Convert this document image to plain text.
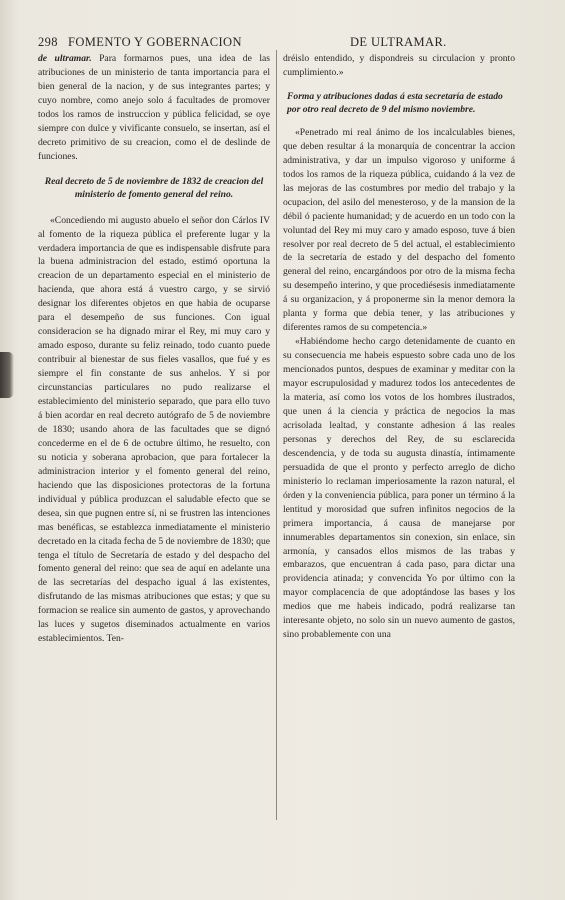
298 FOMENTO Y GOBERNACION	DE ULTRAMAR.

de ultramar. Para formarnos pues, una idea de las atribuciones de un ministerio de tanta importancia para el bien general de la nacion, y de sus integrantes partes; y cuyo nombre, como anejo solo á facultades de promover todos los ramos de instruccion y pública felicidad, se oye siempre con dulce y vivificante consuelo, se insertan, así el decreto primitivo de su creacion, como el de deslinde de funciones.

Real decreto de 5 de noviembre de 1832 de creacion del ministerio de fomento general del reino.

«Concediendo mi augusto abuelo el señor don Cárlos IV al fomento de la riqueza pública el preferente lugar y la verdadera importancia de que es indispensable disfrute para la buena administracion del estado, estimó oportuna la creacion de un departamento especial en el ministerio de hacienda, que ahora está á vuestro cargo, y se sirvió designar los diferentes objetos en que habia de ocuparse para el desempeño de sus funciones. Con igual consideracion se ha dignado mirar el Rey, mi muy caro y amado esposo, durante su feliz reinado, todo cuanto puede contribuir al bienestar de sus fieles vasallos, que fué y es siempre el fin constante de sus anhelos. Y si por circunstancias particulares no pudo realizarse el establecimiento del ministerio separado, que para ello tuvo á bien acordar en real decreto autógrafo de 5 de noviembre de 1830; usando ahora de las facultades que se dignó concederme en el de 6 de octubre último, he resuelto, con su noticia y soberana aprobacion, que para fortalecer la administracion interior y el fomento general del reino, haciendo que las disposiciones protectoras de la fortuna individual y pública produzcan el saludable efecto que se desea, sin que pugnen entre sí, ni se frustren las intenciones mas benéficas, se establezca inmediatamente el ministerio decretado en la citada fecha de 5 de noviembre de 1830; que tenga el título de Secretaría de estado y del despacho del fomento general del reino: que sea de aquí en adelante una de las secretarías del despacho igual á las existentes, disfrutando de las mismas atribuciones que estas; y que su formacion se realice sin aumento de gastos, y aprovechando las luces y sugetos diseminados actualmente en varios establecimientos. Ten-

dréislo entendido, y dispondreis su circulacion y pronto cumplimiento.»

Forma y atribuciones dadas á esta secretaría de estado por otro real decreto de 9 del mismo noviembre.

«Penetrado mi real ánimo de los incalculables bienes, que deben resultar á la monarquía de concentrar la accion administrativa, y dar un impulso vigoroso y uniforme á todos los ramos de la riqueza pública, cuidando á la vez de las mejoras de las costumbres por medio del trabajo y la ocupacion, del asilo del menesteroso, y de la mansion de la débil ó paciente humanidad; y de acuerdo en un todo con la voluntad del Rey mi muy caro y amado esposo, tuve á bien resolver por real decreto de 5 del actual, el establecimiento de la secretaría de estado y del despacho del fomento general del reino, encargándoos por otro de la misma fecha su desempeño interino, y que procediésesis inmediatamente á su organizacion, y á proponerme sin la menor demora la planta y forma que debia tener, y las atribuciones y diferentes ramos de su competencia.»

«Habiéndome hecho cargo detenidamente de cuanto en su consecuencia me habeis espuesto sobre cada uno de los mencionados puntos, despues de examinar y meditar con la mayor escrupulosidad y madurez todos los antecedentes de la materia, así como los votos de los hombres ilustrados, que unen á la ciencia y práctica de negocios la mas acrisolada lealtad, y constante adhesion á las reales personas y derechos del Rey, de su esclarecida descendencia, y de toda su augusta dinastía, íntimamente persuadida de que el pronto y perfecto arreglo de dicho ministerio lo reclaman imperiosamente la razon natural, el órden y la conveniencia pública, para poner un término á la lentitud y morosidad que sufren infinitos negocios de la primera importancia, á causa de manejarse por innumerables departamentos sin conexion, sin enlace, sin armonía, y cansados ellos mismos de las trabas y embarazos, que encuentran á cada paso, para dictar una providencia atinada; y convencida Yo por último con la mayor complacencia de que adoptándose las bases y los medios que me habeis indicado, podrá realizarse tan interesante objeto, no solo sin un nuevo aumento de gastos, sino probablemente con una
